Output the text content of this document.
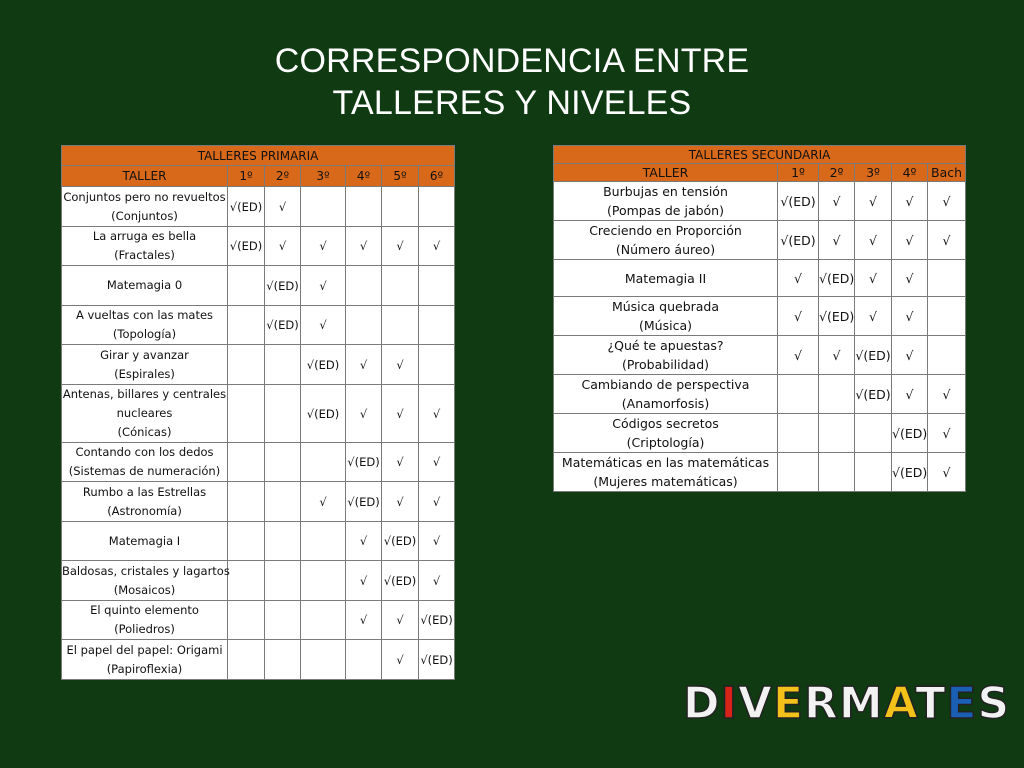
CORRESPONDENCIA ENTRE
TALLERES Y NIVELES
TALLERES PRIMARIA						
TALLER	1º	2º	3º	4º	5º	6º

Conjuntos pero no revueltos
(Conjuntos)	√(ED)	√				

La arruga es bella
(Fractales)	√(ED)	√	√	√	√	√

Matemagia 0		√(ED)	√			

A vueltas con las mates
(Topología)		√(ED)	√			

Girar y avanzar
(Espirales)			√(ED)	√	√	

Antenas, billares y centrales
nucleares
(Cónicas)			√(ED)	√	√	√

Contando con los dedos
(Sistemas de numeración)				√(ED)	√	√

Rumbo a las Estrellas
(Astronomía)			√	√(ED)	√	√

Matemagia I				√	√(ED)	√

Baldosas, cristales y lagartos
(Mosaicos)				√	√(ED)	√

El quinto elemento
(Poliedros)				√	√	√(ED)

El papel del papel: Origami
(Papiroflexia)					√	√(ED)
TALLERES SECUNDARIA					
TALLER	1º	2º	3º	4º	Bach

Burbujas en tensión
(Pompas de jabón)	√(ED)	√	√	√	√

Creciendo en Proporción
(Número áureo)	√(ED)	√	√	√	√

Matemagia II	√	√(ED)	√	√	

Música quebrada
(Música)	√	√(ED)	√	√	

¿Qué te apuestas?
(Probabilidad)	√	√	√(ED)	√	

Cambiando de perspectiva
(Anamorfosis)			√(ED)	√	√

Códigos secretos
(Criptología)				√(ED)	√

Matemáticas en las matemáticas
(Mujeres matemáticas)				√(ED)	√
DIVERMATES
